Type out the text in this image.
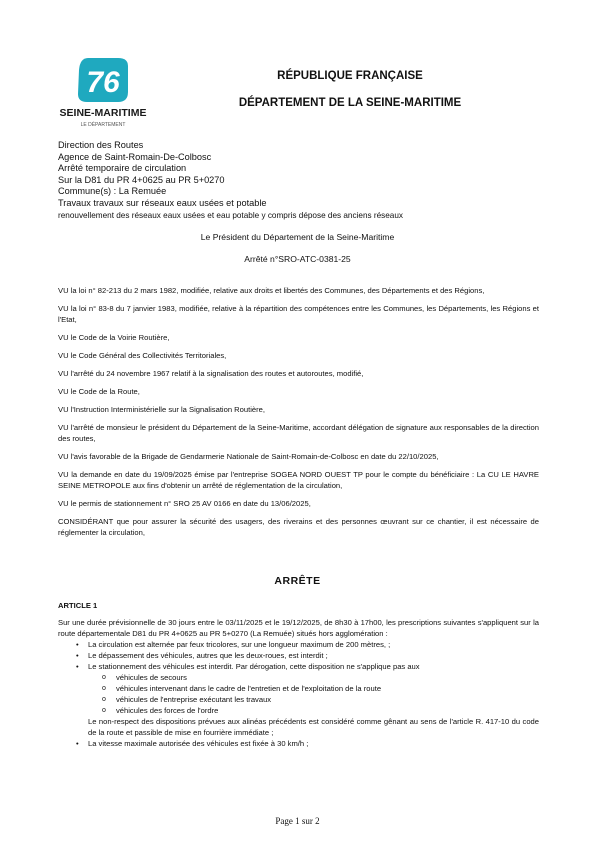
76
SEINE-MARITIME
LE DÉPARTEMENT
RÉPUBLIQUE FRANÇAISE
DÉPARTEMENT DE LA SEINE-MARITIME
Direction des Routes
Agence de Saint-Romain-De-Colbosc
Arrêté temporaire de circulation
Sur la D81 du PR 4+0625 au PR 5+0270
Commune(s) : La Remuée
Travaux travaux sur réseaux eaux usées et potable
renouvellement des réseaux eaux usées et eau potable y compris dépose des anciens réseaux
Le Président du Département de la Seine-Maritime
Arrêté n°SRO-ATC-0381-25

VU la loi n° 82-213 du 2 mars 1982, modifiée, relative aux droits et libertés des Communes, des Départements et des Régions,

VU la loi n° 83-8 du 7 janvier 1983, modifiée, relative à la répartition des compétences entre les Communes, les Départements, les Régions et l'Etat,

VU le Code de la Voirie Routière,

VU le Code Général des Collectivités Territoriales,

VU l'arrêté du 24 novembre 1967 relatif à la signalisation des routes et autoroutes, modifié,

VU le Code de la Route,

VU l'Instruction Interministérielle sur la Signalisation Routière,

VU l'arrêté de monsieur le président du Département de la Seine-Maritime, accordant délégation de signature aux responsables de la direction des routes,

VU l'avis favorable de la Brigade de Gendarmerie Nationale de Saint-Romain-de-Colbosc en date du 22/10/2025,

VU la demande en date du 19/09/2025 émise par l'entreprise SOGEA NORD OUEST TP pour le compte du bénéficiaire : La CU LE HAVRE SEINE METROPOLE aux fins d'obtenir un arrêté de réglementation de la circulation,

VU le permis de stationnement n° SRO 25 AV 0166 en date du 13/06/2025,

CONSIDÉRANT que pour assurer la sécurité des usagers, des riverains et des personnes œuvrant sur ce chantier, il est nécessaire de réglementer la circulation,

ARRÊTE
ARTICLE 1

Sur une durée prévisionnelle de 30 jours entre le 03/11/2025 et le 19/12/2025, de 8h30 à 17h00, les prescriptions suivantes s'appliquent sur la route départementale D81 du PR 4+0625 au PR 5+0270 (La Remuée) situés hors agglomération :

• La circulation est alternée par feux tricolores, sur une longueur maximum de 200 mètres, ;
• Le dépassement des véhicules, autres que les deux-roues, est interdit ;
• Le stationnement des véhicules est interdit. Par dérogation, cette disposition ne s'applique pas aux
o véhicules de secours
o véhicules intervenant dans le cadre de l'entretien et de l'exploitation de la route
o véhicules de l'entreprise exécutant les travaux
o véhicules des forces de l'ordre

Le non-respect des dispositions prévues aux alinéas précédents est considéré comme gênant au sens de l'article R. 417-10 du code de la route et passible de mise en fourrière immédiate ;

• La vitesse maximale autorisée des véhicules est fixée à 30 km/h ;
Page 1 sur 2
